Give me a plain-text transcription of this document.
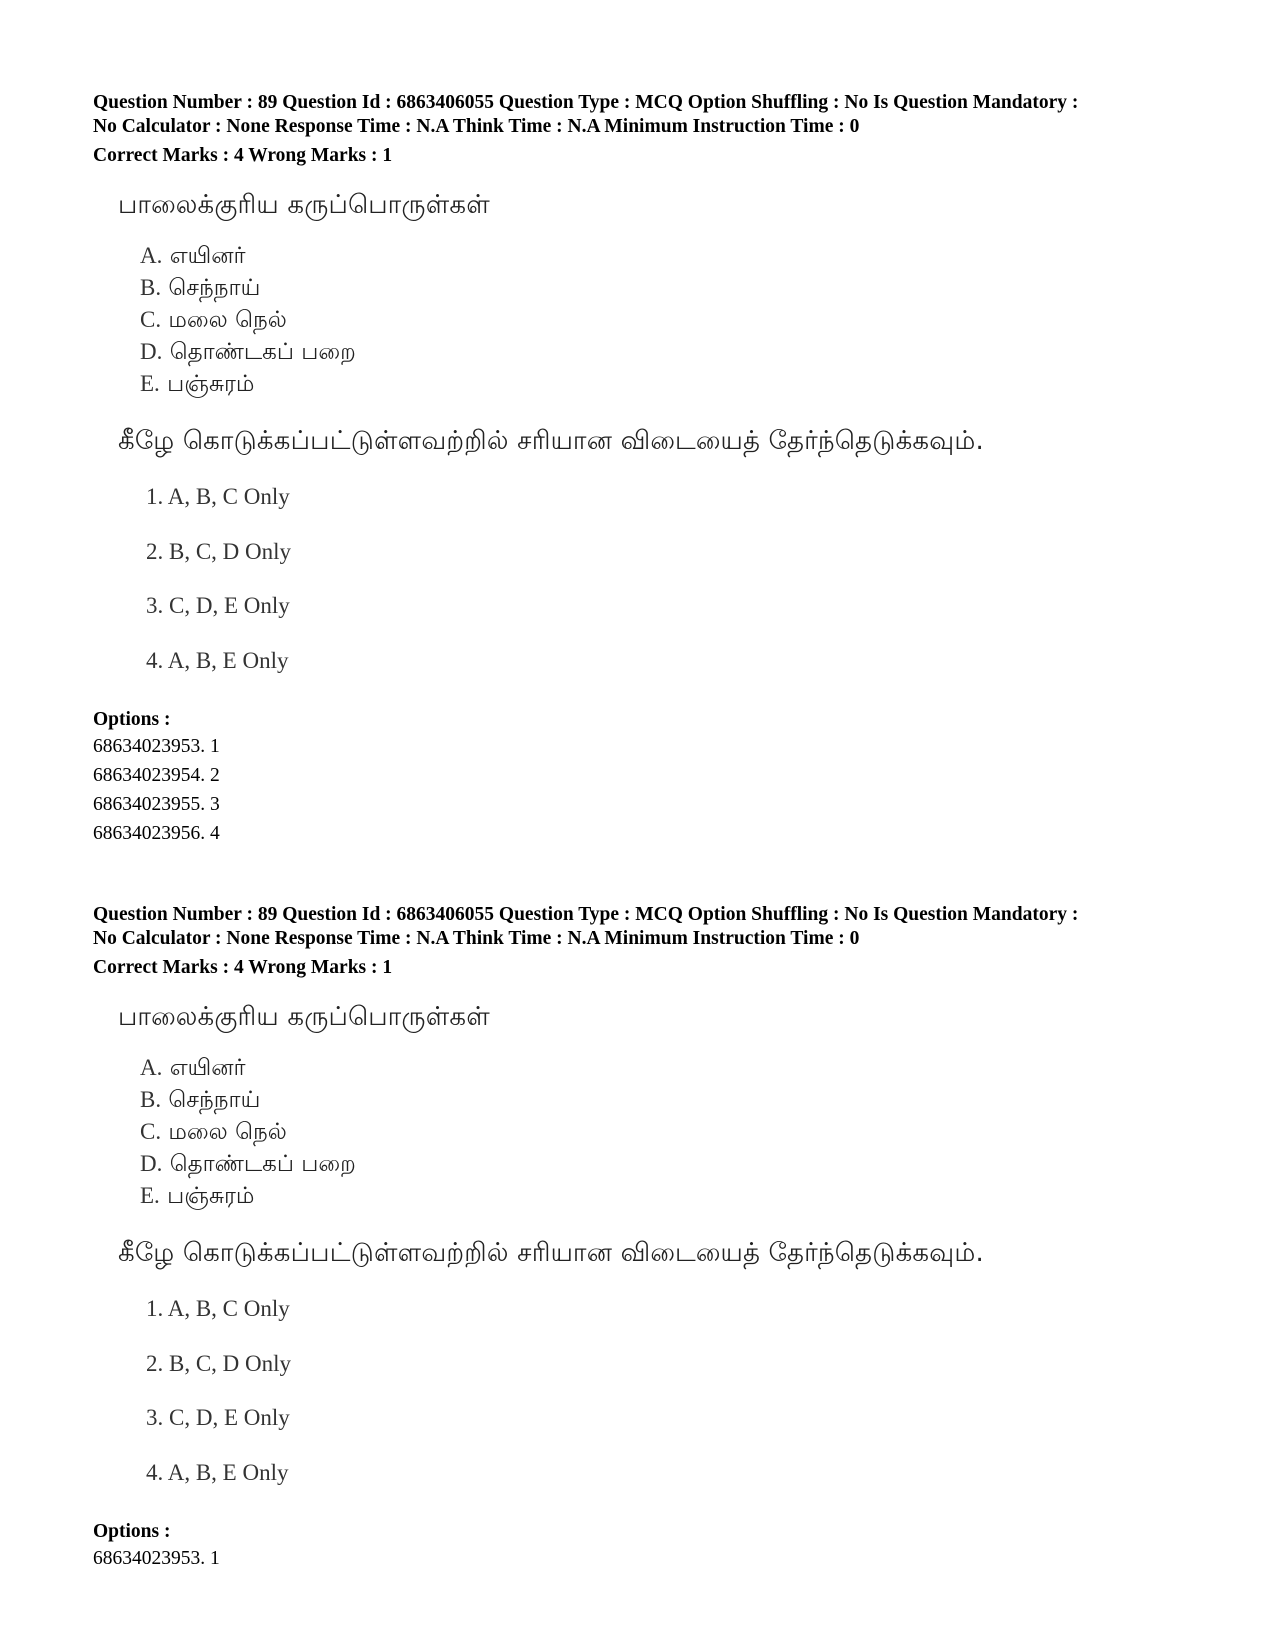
Question Number : 89 Question Id : 6863406055 Question Type : MCQ Option Shuffling : No Is Question Mandatory :

No Calculator : None Response Time : N.A Think Time : N.A Minimum Instruction Time : 0

Correct Marks : 4 Wrong Marks : 1
பாலைக்குரிய கருப்பொருள்கள்
A. எயினர்
B. செந்நாய்
C. மலை நெல்
D. தொண்டகப் பறை
E. பஞ்சுரம்
கீழே கொடுக்கப்பட்டுள்ளவற்றில் சரியான விடையைத் தேர்ந்தெடுக்கவும்.
1. A, B, C Only
2. B, C, D Only
3. C, D, E Only
4. A, B, E Only
Options :
68634023953. 1
68634023954. 2
68634023955. 3
68634023956. 4

Question Number : 89 Question Id : 6863406055 Question Type : MCQ Option Shuffling : No Is Question Mandatory :

No Calculator : None Response Time : N.A Think Time : N.A Minimum Instruction Time : 0

Correct Marks : 4 Wrong Marks : 1
பாலைக்குரிய கருப்பொருள்கள்
A. எயினர்
B. செந்நாய்
C. மலை நெல்
D. தொண்டகப் பறை
E. பஞ்சுரம்
கீழே கொடுக்கப்பட்டுள்ளவற்றில் சரியான விடையைத் தேர்ந்தெடுக்கவும்.
1. A, B, C Only
2. B, C, D Only
3. C, D, E Only
4. A, B, E Only
Options :
68634023953. 1
